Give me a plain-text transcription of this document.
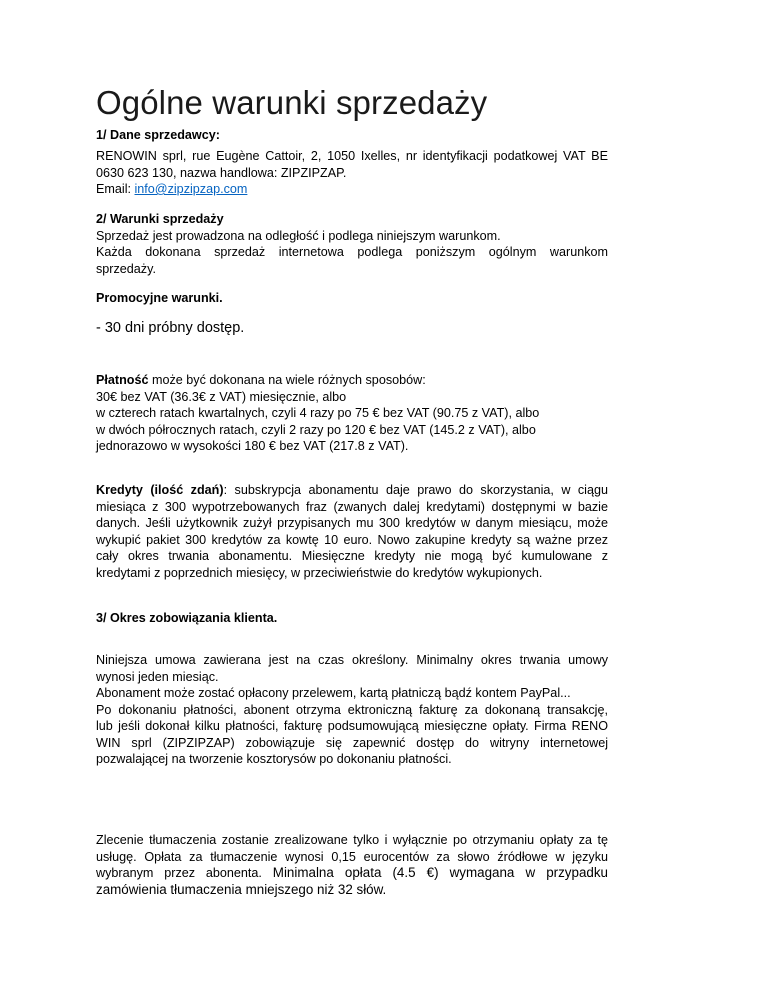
Ogólne warunki sprzedaży
1/ Dane sprzedawcy:
RENOWIN sprl, rue Eugène Cattoir, 2, 1050 Ixelles, nr identyfikacji podatkowej VAT BE
0630 623 130, nazwa handlowa: ZIPZIPZAP.
Email: info@zipzipzap.com
2/ Warunki sprzedaży
Sprzedaż jest prowadzona na odległość i podlega niniejszym warunkom.
Każda dokonana sprzedaż internetowa podlega poniższym ogólnym warunkom
sprzedaży.
Promocyjne warunki.
- 30 dni próbny dostęp.
Płatność może być dokonana na wiele różnych sposobów:
30€ bez VAT (36.3€ z VAT) miesięcznie, albo
w czterech ratach kwartalnych, czyli 4 razy po 75 € bez VAT (90.75 z VAT), albo
w dwóch półrocznych ratach, czyli 2 razy po 120 € bez VAT (145.2 z VAT), albo
jednorazowo w wysokości 180 € bez VAT (217.8 z VAT).
Kredyty (ilość zdań): subskrypcja abonamentu daje prawo do skorzystania, w ciągu
miesiąca z 300 wypotrzebowanych fraz (zwanych dalej kredytami) dostępnymi w bazie
danych. Jeśli użytkownik zużył przypisanych mu 300 kredytów w danym miesiącu, może
wykupić pakiet 300 kredytów za kowtę 10 euro. Nowo zakupine kredyty są ważne przez
cały okres trwania abonamentu. Miesięczne kredyty nie mogą być kumulowane z
kredytami z poprzednich miesięcy, w przeciwieństwie do kredytów wykupionych.
3/ Okres zobowiązania klienta.
Niniejsza umowa zawierana jest na czas określony. Minimalny okres trwania umowy
wynosi jeden miesiąc.
Abonament może zostać opłacony przelewem, kartą płatniczą bądź kontem PayPal...
Po dokonaniu płatności, abonent otrzyma ektroniczną fakturę za dokonaną transakcję,
lub jeśli dokonał kilku płatności, fakturę podsumowującą miesięczne opłaty. Firma RENO
WIN sprl (ZIPZIPZAP) zobowiązuje się zapewnić dostęp do witryny internetowej
pozwalającej na tworzenie kosztorysów po dokonaniu płatności.
Zlecenie tłumaczenia zostanie zrealizowane tylko i wyłącznie po otrzymaniu opłaty za tę
usługę. Opłata za tłumaczenie wynosi 0,15 eurocentów za słowo źródłowe w języku
wybranym przez abonenta. Minimalna opłata (4.5 €) wymagana w przypadku
zamówienia tłumaczenia mniejszego niż 32 słów.
